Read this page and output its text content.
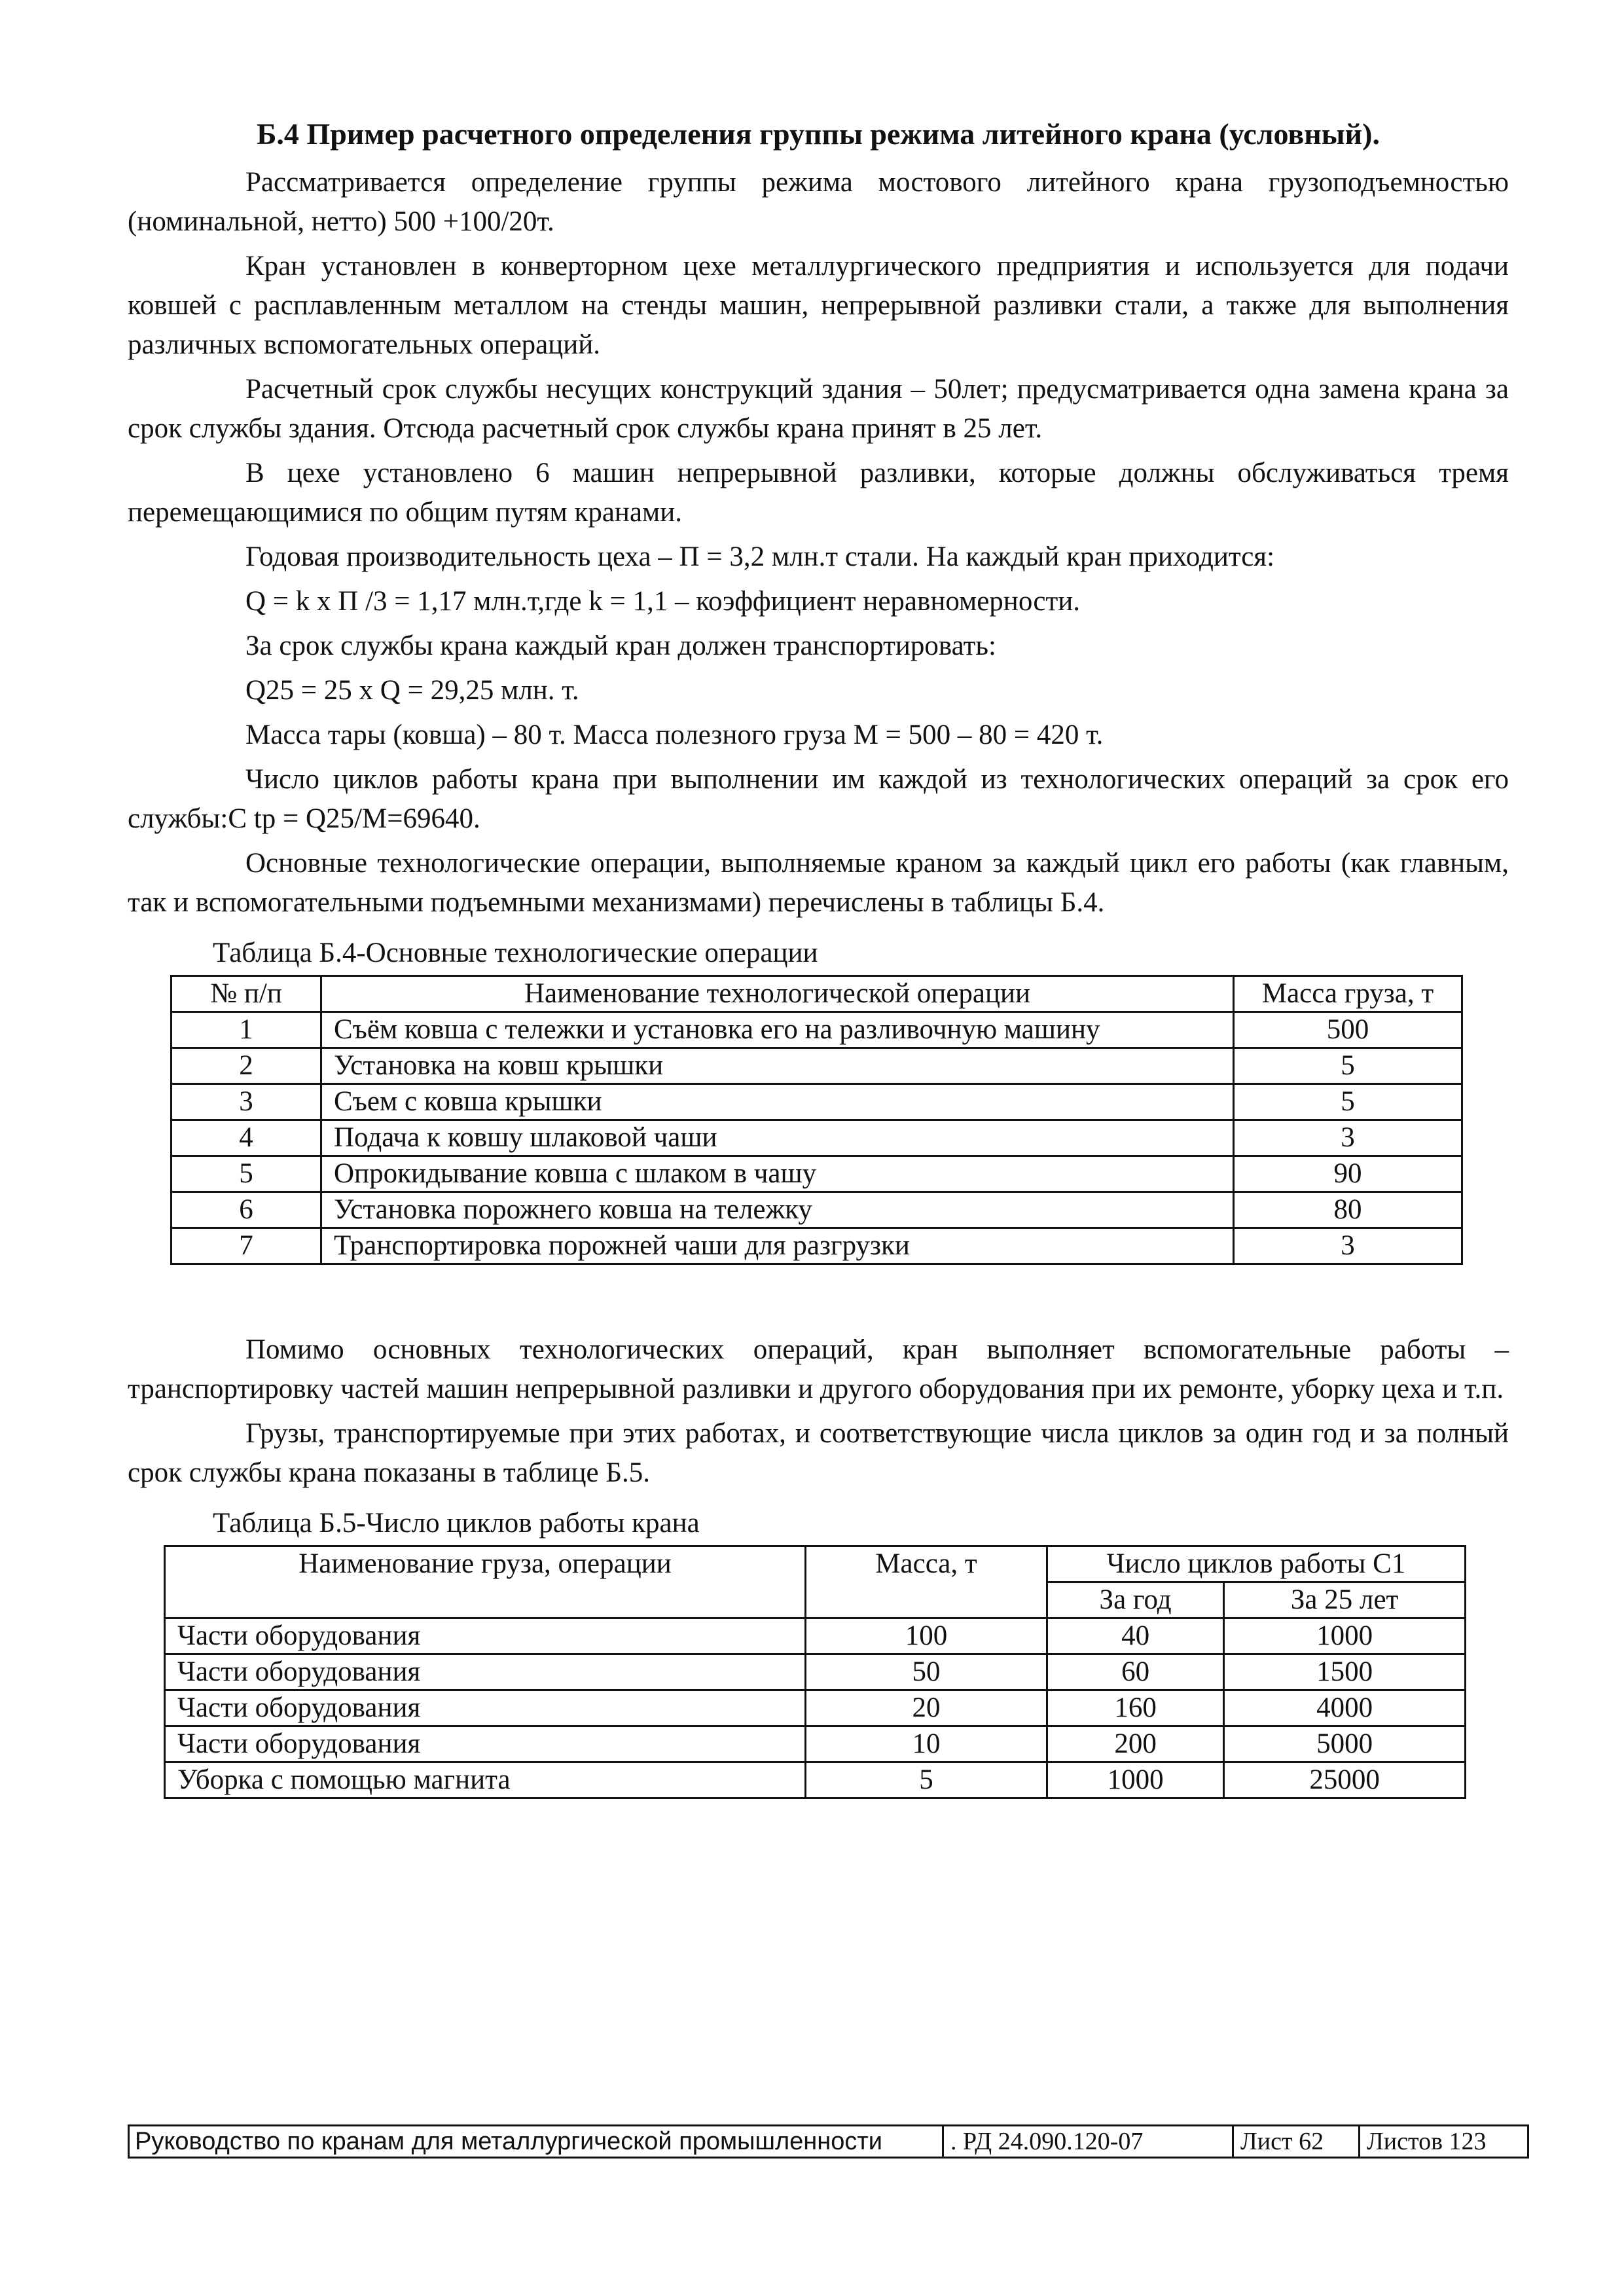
Б.4 Пример расчетного определения группы режима литейного крана (условный).

Рассматривается определение группы режима мостового литейного крана грузоподъемностью (номинальной, нетто) 500 +100/20т.

Кран установлен в конверторном цехе металлургического предприятия и используется для подачи ковшей с расплавленным металлом на стенды машин, непрерывной разливки стали, а также для выполнения различных вспомогательных операций.

Расчетный срок службы несущих конструкций здания – 50лет; предусматривается одна замена крана за срок службы здания. Отсюда расчетный срок службы крана принят в 25 лет.

В цехе установлено 6 машин непрерывной разливки, которые должны обслуживаться тремя перемещающимися по общим путям кранами.

Годовая производительность цеха – П = 3,2 млн.т стали. На каждый кран приходится:
Q = k x П /3 = 1,17 млн.т,где k = 1,1 – коэффициент неравномерности.
За срок службы крана каждый кран должен транспортировать:
Q25 = 25 x Q = 29,25 млн. т.
Масса тары (ковша) – 80 т. Масса полезного груза М = 500 – 80 = 420 т.

Число циклов работы крана при выполнении им каждой из технологических операций за срок его службы:С tp = Q25/M=69640.

Основные технологические операции, выполняемые краном за каждый цикл его работы (как главным, так и вспомогательными подъемными механизмами) перечислены в таблицы Б.4.

Таблица Б.4-Основные технологические операции
№ п/п	Наименование технологической операции	Масса груза, т
1	Съём ковша с тележки и установка его на разливочную машину	500
2	Установка на ковш крышки	5
3	Съем с ковша крышки	5
4	Подача к ковшу шлаковой чаши	3
5	Опрокидывание ковша с шлаком в чашу	90
6	Установка порожнего ковша на тележку	80
7	Транспортировка порожней чаши для разгрузки	3

Помимо основных технологических операций, кран выполняет вспомогательные работы – транспортировку частей машин непрерывной разливки и другого оборудования при их ремонте, уборку цеха и т.п.

Грузы, транспортируемые при этих работах, и соответствующие числа циклов за один год и за полный срок службы крана показаны в таблице Б.5.

Таблица Б.5-Число циклов работы крана
Наименование груза, операции	Масса, т	Число циклов работы С1	
		За год	За 25 лет
Части оборудования	100	40	1000
Части оборудования	50	60	1500
Части оборудования	20	160	4000
Части оборудования	10	200	5000
Уборка с помощью магнита	5	1000	25000
Руководство по кранам для металлургической промышленности	. РД 24.090.120-07	Лист 62	Листов 123
